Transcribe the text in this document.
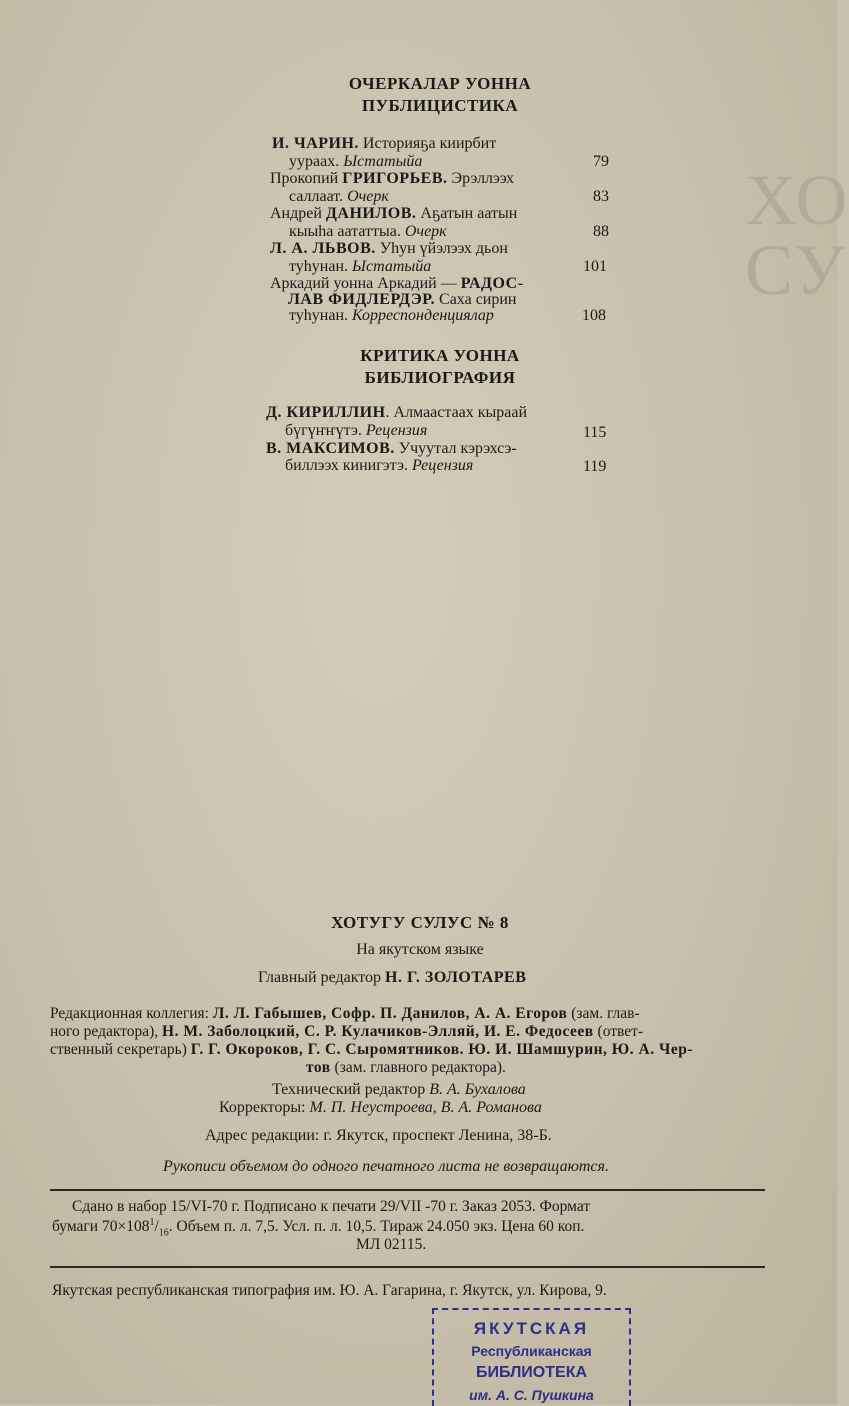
ХО
СУ
ОЧЕРКАЛАР УОННА
ПУБЛИЦИСТИКА
И. ЧАРИН. Историяҕа киирбит
уураах. Ыстатыйа	79
Прокопий ГРИГОРЬЕВ. Эрэллээх
саллаат. Очерк	83
Андрей ДАНИЛОВ. Аҕатын аатын
кыыһа аататтыа. Очерк	88
Л. А. ЛЬВОВ. Уһун үйэлээх дьон
туһунан. Ыстатыйа	101
Аркадий уонна Аркадий — РАДОС-
ЛАВ ФИДЛЕРДЭР. Саха сирин
туһунан. Корреспонденциялар	108
КРИТИКА УОННА
БИБЛИОГРАФИЯ
Д. КИРИЛЛИН. Алмаастаах кыраай
бүгүҥҥүтэ. Рецензия	115
В. МАКСИМОВ. Учуутал кэрэхсэ-
биллээх кинигэтэ. Рецензия	119
ХОТУГУ СУЛУС № 8
На якутском языке
Главный редактор Н. Г. ЗОЛОТАРЕВ
Редакционная коллегия: Л. Л. Габышев, Софр. П. Данилов, А. А. Егоров (зам. глав-
ного редактора), Н. М. Заболоцкий, С. Р. Кулачиков-Элляй, И. Е. Федосеев (ответ-
ственный секретарь) Г. Г. Окороков, Г. С. Сыромятников. Ю. И. Шамшурин, Ю. А. Чер-
тов (зам. главного редактора).
Технический редактор В. А. Бухалова
Корректоры: М. П. Неустроева, В. А. Романова
Адрес редакции: г. Якутск, проспект Ленина, 38-Б.
Рукописи объемом до одного печатного листа не возвращаются.
Сдано в набор 15/VI-70 г. Подписано к печати 29/VII -70 г. Заказ 2053. Формат
бумаги $70\times 108^1/_{16}$. Объем п. л. 7,5. Усл. п. л. 10,5. Тираж 24.050 экз. Цена 60 коп.
МЛ 02115.
Якутская республиканская типография им. Ю. А. Гагарина, г. Якутск, ул. Кирова, 9.
ЯКУТСКАЯ
Республиканская
БИБЛИОТЕКА
им. А. С. Пушкина
